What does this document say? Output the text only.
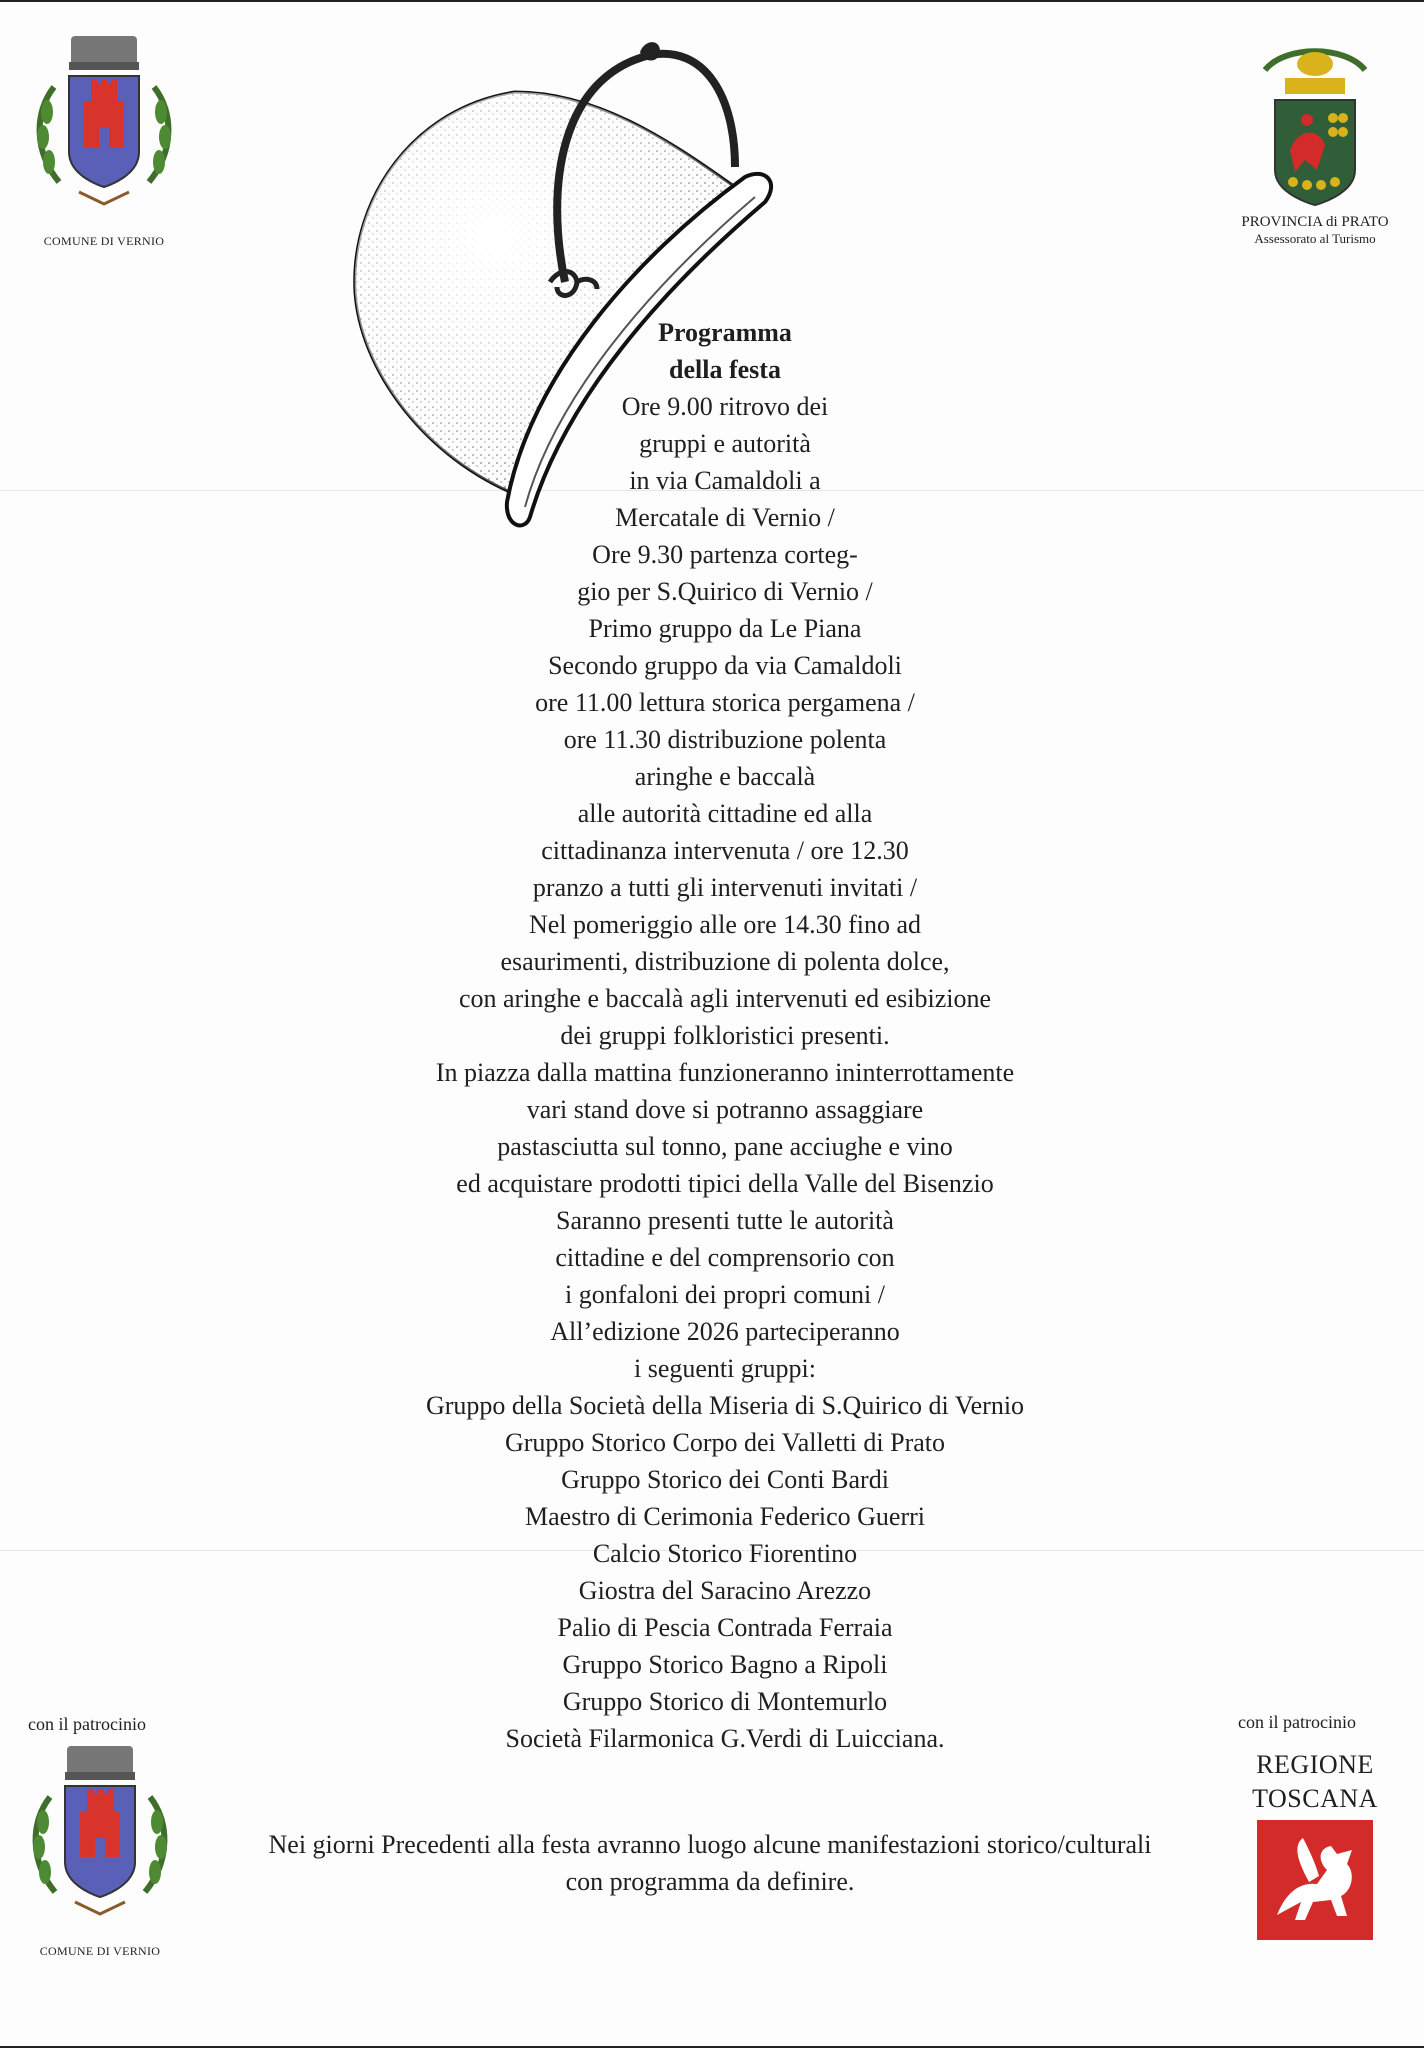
COMUNE DI VERNIO
PROVINCIA di PRATO
Assessorato al Turismo
Programma
della festa
Ore 9.00 ritrovo dei
gruppi e autorità
in via Camaldoli a
Mercatale di Vernio /
Ore 9.30 partenza corteg-
gio per S.Quirico di Vernio /
Primo gruppo da Le Piana
Secondo gruppo da via Camaldoli
ore 11.00 lettura storica pergamena /
ore 11.30 distribuzione polenta
aringhe e baccalà
alle autorità cittadine ed alla
cittadinanza intervenuta / ore 12.30
pranzo a tutti gli intervenuti invitati /
Nel pomeriggio alle ore 14.30 fino ad
esaurimenti, distribuzione di polenta dolce,
con aringhe e baccalà agli intervenuti ed esibizione
dei gruppi folkloristici presenti.
In piazza dalla mattina funzioneranno ininterrottamente
vari stand dove si potranno assaggiare
pastasciutta sul tonno, pane acciughe e vino
ed acquistare prodotti tipici della Valle del Bisenzio
Saranno presenti tutte le autorità
cittadine e del comprensorio con
i gonfaloni dei propri comuni /
All’edizione 2026 parteciperanno
i seguenti gruppi:
Gruppo della Società della Miseria di S.Quirico di Vernio
Gruppo Storico Corpo dei Valletti di Prato
Gruppo Storico dei Conti Bardi
Maestro di Cerimonia Federico Guerri
Calcio Storico Fiorentino
Giostra del Saracino Arezzo
Palio di Pescia Contrada Ferraia
Gruppo Storico Bagno a Ripoli
Gruppo Storico di Montemurlo
Società Filarmonica G.Verdi di Luicciana.
con il patrocinio	con il patrocinio
COMUNE DI VERNIO
REGIONE
TOSCANA
Nei giorni Precedenti alla festa avranno luogo alcune manifestazioni storico/culturali
con programma da definire.
